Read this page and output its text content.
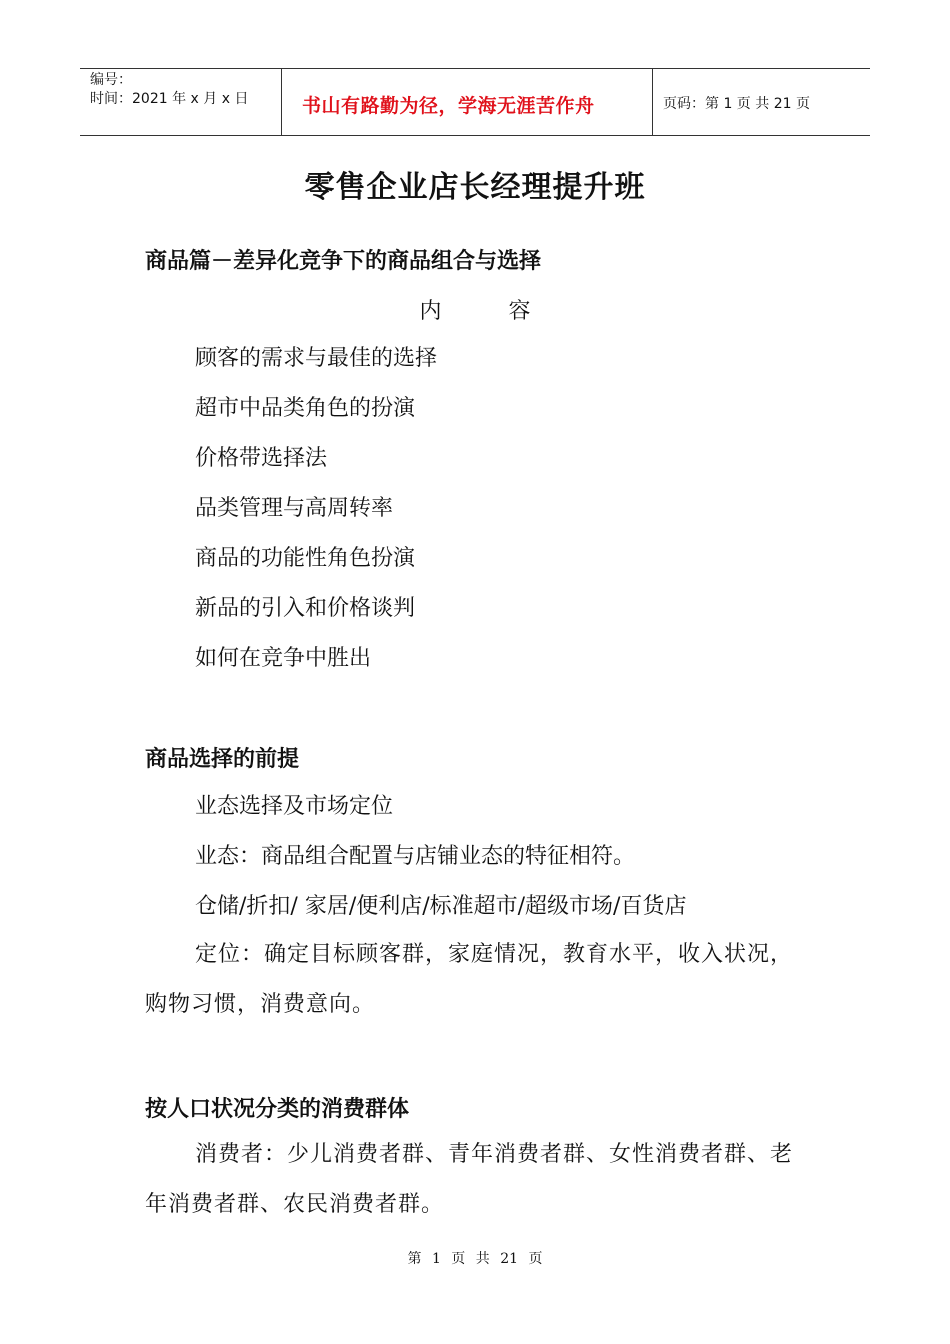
编号：
时间：2021 年 x 月 x 日	书山有路勤为径，学海无涯苦作舟	页码：第 1 页 共 21 页
零售企业店长经理提升班
商品篇－差异化竞争下的商品组合与选择
内 容
顾客的需求与最佳的选择
超市中品类角色的扮演
价格带选择法
品类管理与高周转率
商品的功能性角色扮演
新品的引入和价格谈判
如何在竞争中胜出
商品选择的前提

业态选择及市场定位

业态：商品组合配置与店铺业态的特征相符。

仓储/折扣/ 家居/便利店/标准超市/超级市场/百货店

定位：确定目标顾客群，家庭情况，教育水平，收入状况，购物习惯，消费意向。

按人口状况分类的消费群体

消费者：少儿消费者群、青年消费者群、女性消费者群、老年消费者群、农民消费者群。

第 1 页 共 21 页
